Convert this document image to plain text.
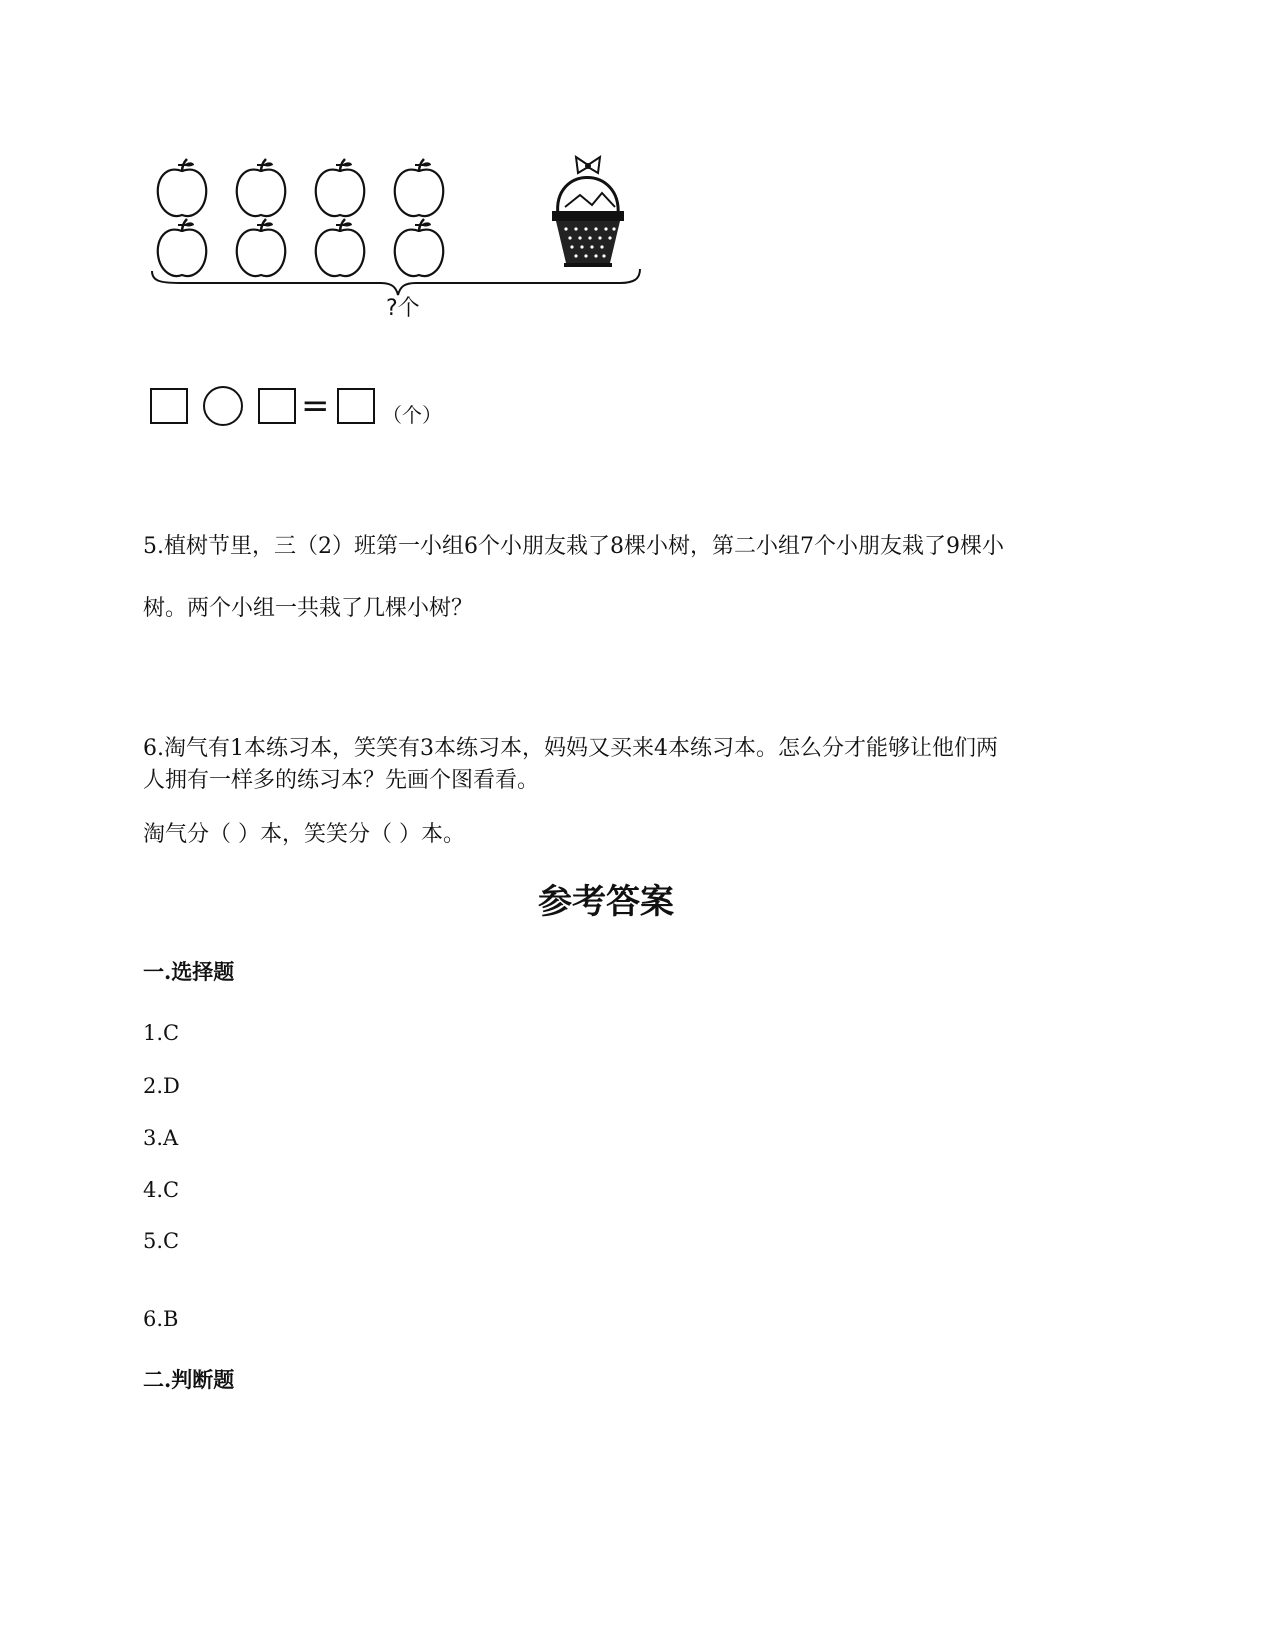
?个
=	（个）
5.植树节里，三（2）班第一小组6个小朋友栽了8棵小树，第二小组7个小朋友栽了9棵小
树。两个小组一共栽了几棵小树？
6.淘气有1本练习本，笑笑有3本练习本，妈妈又买来4本练习本。怎么分才能够让他们两
人拥有一样多的练习本？先画个图看看。
淘气分（ ）本，笑笑分（ ）本。
参考答案
一.选择题
1.C
2.D
3.A
4.C
5.C
6.B
二.判断题
